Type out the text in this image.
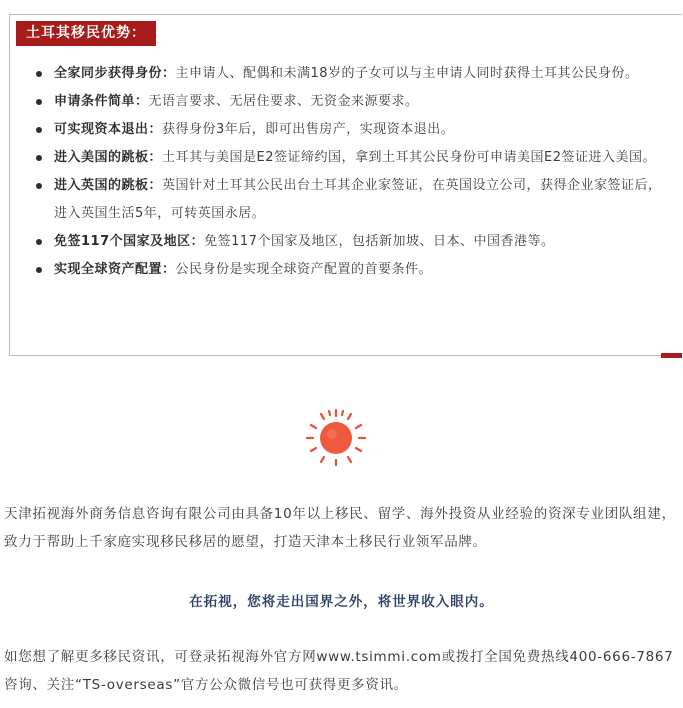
土耳其移民优势：
全家同步获得身份：主申请人、配偶和未满18岁的子女可以与主申请人同时获得土耳其公民身份。
申请条件简单：无语言要求、无居住要求、无资金来源要求。
可实现资本退出：获得身份3年后，即可出售房产，实现资本退出。
进入美国的跳板：土耳其与美国是E2签证缔约国，拿到土耳其公民身份可申请美国E2签证进入美国。
进入英国的跳板：英国针对土耳其公民出台土耳其企业家签证，在英国设立公司，获得企业家签证后，进入英国生活5年，可转英国永居。
免签117个国家及地区：免签117个国家及地区，包括新加坡、日本、中国香港等。
实现全球资产配置：公民身份是实现全球资产配置的首要条件。
天津拓视海外商务信息咨询有限公司由具备10年以上移民、留学、海外投资从业经验的资深专业团队组建，致力于帮助上千家庭实现移民移居的愿望，打造天津本土移民行业领军品牌。
在拓视，您将走出国界之外，将世界收入眼内。
如您想了解更多移民资讯，可登录拓视海外官方网www.tsimmi.com或拨打全国免费热线400-666-7867咨询、关注“TS-overseas”官方公众微信号也可获得更多资讯。
